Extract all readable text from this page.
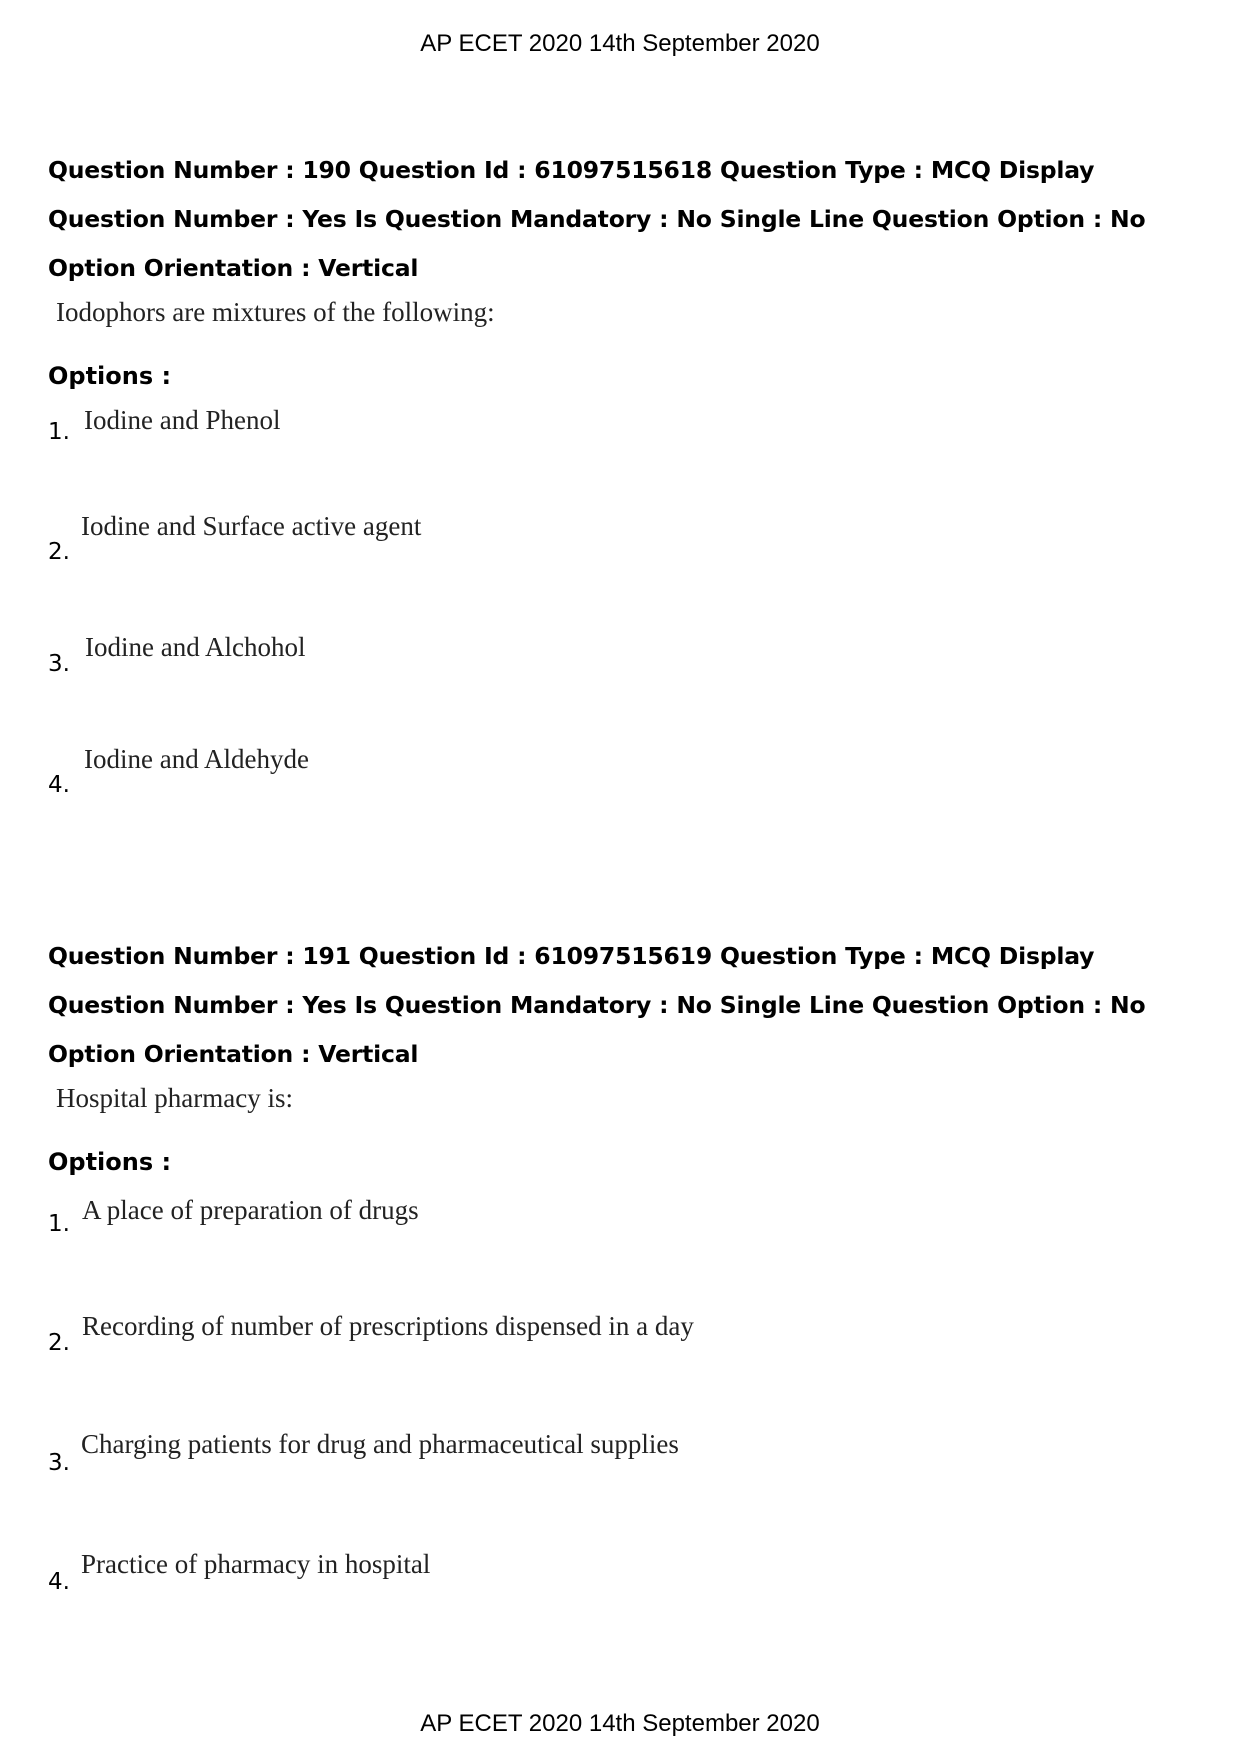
AP ECET 2020 14th September 2020
Question Number : 190 Question Id : 61097515618 Question Type : MCQ Display Question Number : Yes Is Question Mandatory : No Single Line Question Option : No Option Orientation : Vertical
Iodophors are mixtures of the following:
Options :
1. Iodine and Phenol
2.
Iodine and Surface active agent
3.
Iodine and Alchohol
4.
Iodine and Aldehyde
Question Number : 191 Question Id : 61097515619 Question Type : MCQ Display Question Number : Yes Is Question Mandatory : No Single Line Question Option : No Option Orientation : Vertical
Hospital pharmacy is:
Options :
1. A place of preparation of drugs
2.
Recording of number of prescriptions dispensed in a day
3.
Charging patients for drug and pharmaceutical supplies
4.
Practice of pharmacy in hospital
AP ECET 2020 14th September 2020
